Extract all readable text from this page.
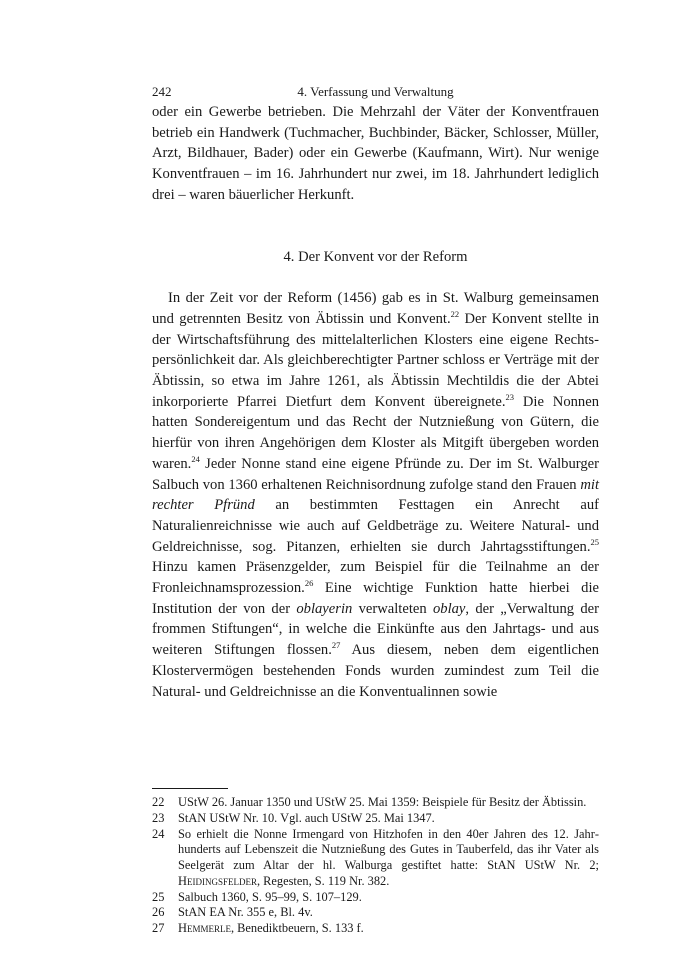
242	4. Verfassung und Verwaltung

oder ein Gewerbe betrieben. Die Mehrzahl der Väter der Konventfrauen betrieb ein Handwerk (Tuchmacher, Buchbinder, Bäcker, Schlosser, Müller, Arzt, Bildhauer, Bader) oder ein Gewerbe (Kaufmann, Wirt). Nur wenige Konventfrauen – im 16. Jahrhundert nur zwei, im 18. Jahrhundert lediglich drei – waren bäuerlicher Herkunft.

4. Der Konvent vor der Reform

In der Zeit vor der Reform (1456) gab es in St. Walburg gemeinsamen und getrennten Besitz von Äbtissin und Konvent.$^{22}$ Der Konvent stellte in der Wirtschaftsführung des mittelalterlichen Klosters eine eigene Rechtspersönlichkeit dar. Als gleichberechtigter Partner schloss er Verträge mit der Äbtissin, so etwa im Jahre 1261, als Äbtissin Mechtildis die der Abtei inkorporierte Pfarrei Dietfurt dem Konvent übereignete.$^{23}$ Die Nonnen hatten Sondereigentum und das Recht der Nutznießung von Gütern, die hierfür von ihren Angehörigen dem Kloster als Mitgift übergeben worden waren.$^{24}$ Jeder Nonne stand eine eigene Pfründe zu. Der im St. Walburger Salbuch von 1360 erhaltenen Reichnisordnung zufolge stand den Frauen mit rechter Pfründ an bestimmten Festtagen ein Anrecht auf Naturalienreichnisse wie auch auf Geldbeträge zu. Weitere Natural- und Geldreichnisse, sog. Pitanzen, erhielten sie durch Jahrtagsstiftungen.$^{25}$ Hinzu kamen Präsenzgelder, zum Beispiel für die Teilnahme an der Fronleichnamsprozession.$^{26}$ Eine wichtige Funktion hatte hierbei die Institution der von der oblayerin verwalteten oblay, der „Verwaltung der frommen Stiftungen“, in welche die Einkünfte aus den Jahrtags- und aus weiteren Stiftungen flossen.$^{27}$ Aus diesem, neben dem eigentlichen Klostervermögen bestehenden Fonds wurden zumindest zum Teil die Natural- und Geldreichnisse an die Konventualinnen sowie

22 UStW 26. Januar 1350 und UStW 25. Mai 1359: Beispiele für Besitz der Äbtissin.
23 StAN UStW Nr. 10. Vgl. auch UStW 25. Mai 1347.
24 So erhielt die Nonne Irmengard von Hitzhofen in den 40er Jahren des 12. Jahrhunderts auf Lebenszeit die Nutznießung des Gutes in Tauberfeld, das ihr Vater als Seelgerät zum Altar der hl. Walburga gestiftet hatte: StAN UStW Nr. 2; Heidingsfelder, Regesten, S. 119 Nr. 382.
25 Salbuch 1360, S. 95–99, S. 107–129.
26 StAN EA Nr. 355 e, Bl. 4v.
27 Hemmerle, Benediktbeuern, S. 133 f.
